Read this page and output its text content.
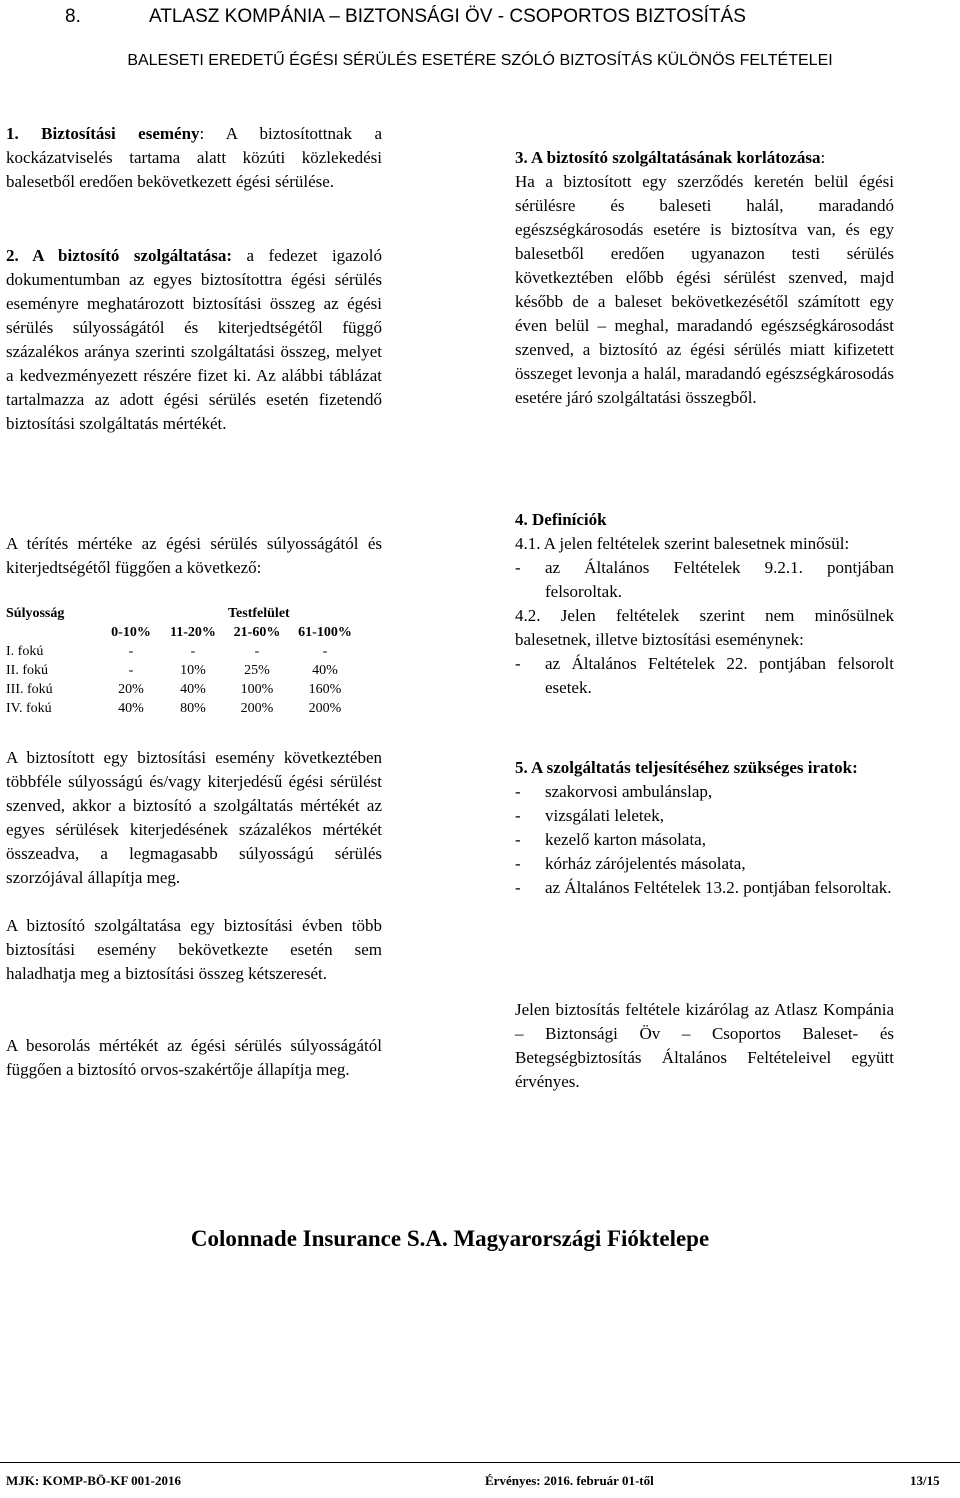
8.	ATLASZ KOMPÁNIA – BIZTONSÁGI ÖV - CSOPORTOS BIZTOSÍTÁS
BALESETI EREDETŰ ÉGÉSI SÉRÜLÉS ESETÉRE SZÓLÓ BIZTOSÍTÁS KÜLÖNÖS FELTÉTELEI

1. Biztosítási esemény: A biztosítottnak a kockázatviselés tartama alatt közúti közlekedési balesetből eredően bekövetkezett égési sérülése.

2. A biztosító szolgáltatása: a fedezet igazoló dokumentumban az egyes biztosítottra égési sérülés eseményre meghatározott biztosítási összeg az égési sérülés súlyosságától és kiterjedtségétől függő százalékos aránya szerinti szolgáltatási összeg, melyet a kedvezményezett részére fizet ki. Az alábbi táblázat tartalmazza az adott égési sérülés esetén fizetendő biztosítási szolgáltatás mértékét.

A térítés mértéke az égési sérülés súlyosságától és kiterjedtségétől függően a következő:

Súlyosság	Testfelület			
	0-10%	11-20%	21-60%	61-100%
I. fokú	-	-	-	-
II. fokú	-	10%	25%	40%
III. fokú	20%	40%	100%	160%
IV. fokú	40%	80%	200%	200%

A biztosított egy biztosítási esemény következtében többféle súlyosságú és/vagy kiterjedésű égési sérülést szenved, akkor a biztosító a szolgáltatás mértékét az egyes sérülések kiterjedésének százalékos mértékét összeadva, a legmagasabb súlyosságú sérülés szorzójával állapítja meg.

A biztosító szolgáltatása egy biztosítási évben több biztosítási esemény bekövetkezte esetén sem haladhatja meg a biztosítási összeg kétszeresét.

A besorolás mértékét az égési sérülés súlyosságától függően a biztosító orvos-szakértője állapítja meg.

3. A biztosító szolgáltatásának korlátozása:

Ha a biztosított egy szerződés keretén belül égési sérülésre és baleseti halál, maradandó egészségkárosodás esetére is biztosítva van, és egy balesetből eredően ugyanazon testi sérülés következtében előbb égési sérülést szenved, majd később de a baleset bekövetkezésétől számított egy éven belül – meghal, maradandó egészségkárosodást szenved, a biztosító az égési sérülés miatt kifizetett összeget levonja a halál, maradandó egészségkárosodás esetére járó szolgáltatási összegből.

4. Definíciók

4.1. A jelen feltételek szerint balesetnek minősül:

-	az Általános Feltételek 9.2.1. pontjában felsoroltak.

4.2. Jelen feltételek szerint nem minősülnek balesetnek, illetve biztosítási eseménynek:

-	az Általános Feltételek 22. pontjában felsorolt esetek.

5. A szolgáltatás teljesítéséhez szükséges iratok:

-	szakorvosi ambulánslap,
-	vizsgálati leletek,
-	kezelő karton másolata,
-	kórház zárójelentés másolata,
-	az Általános Feltételek 13.2. pontjában felsoroltak.

Jelen biztosítás feltétele kizárólag az Atlasz Kompánia – Biztonsági Öv – Csoportos Baleset- és Betegségbiztosítás Általános Feltételeivel együtt érvényes.

Colonnade Insurance S.A. Magyarországi Fióktelepe
MJK: KOMP-BÖ-KF 001-2016	Érvényes: 2016. február 01-től	13/15
